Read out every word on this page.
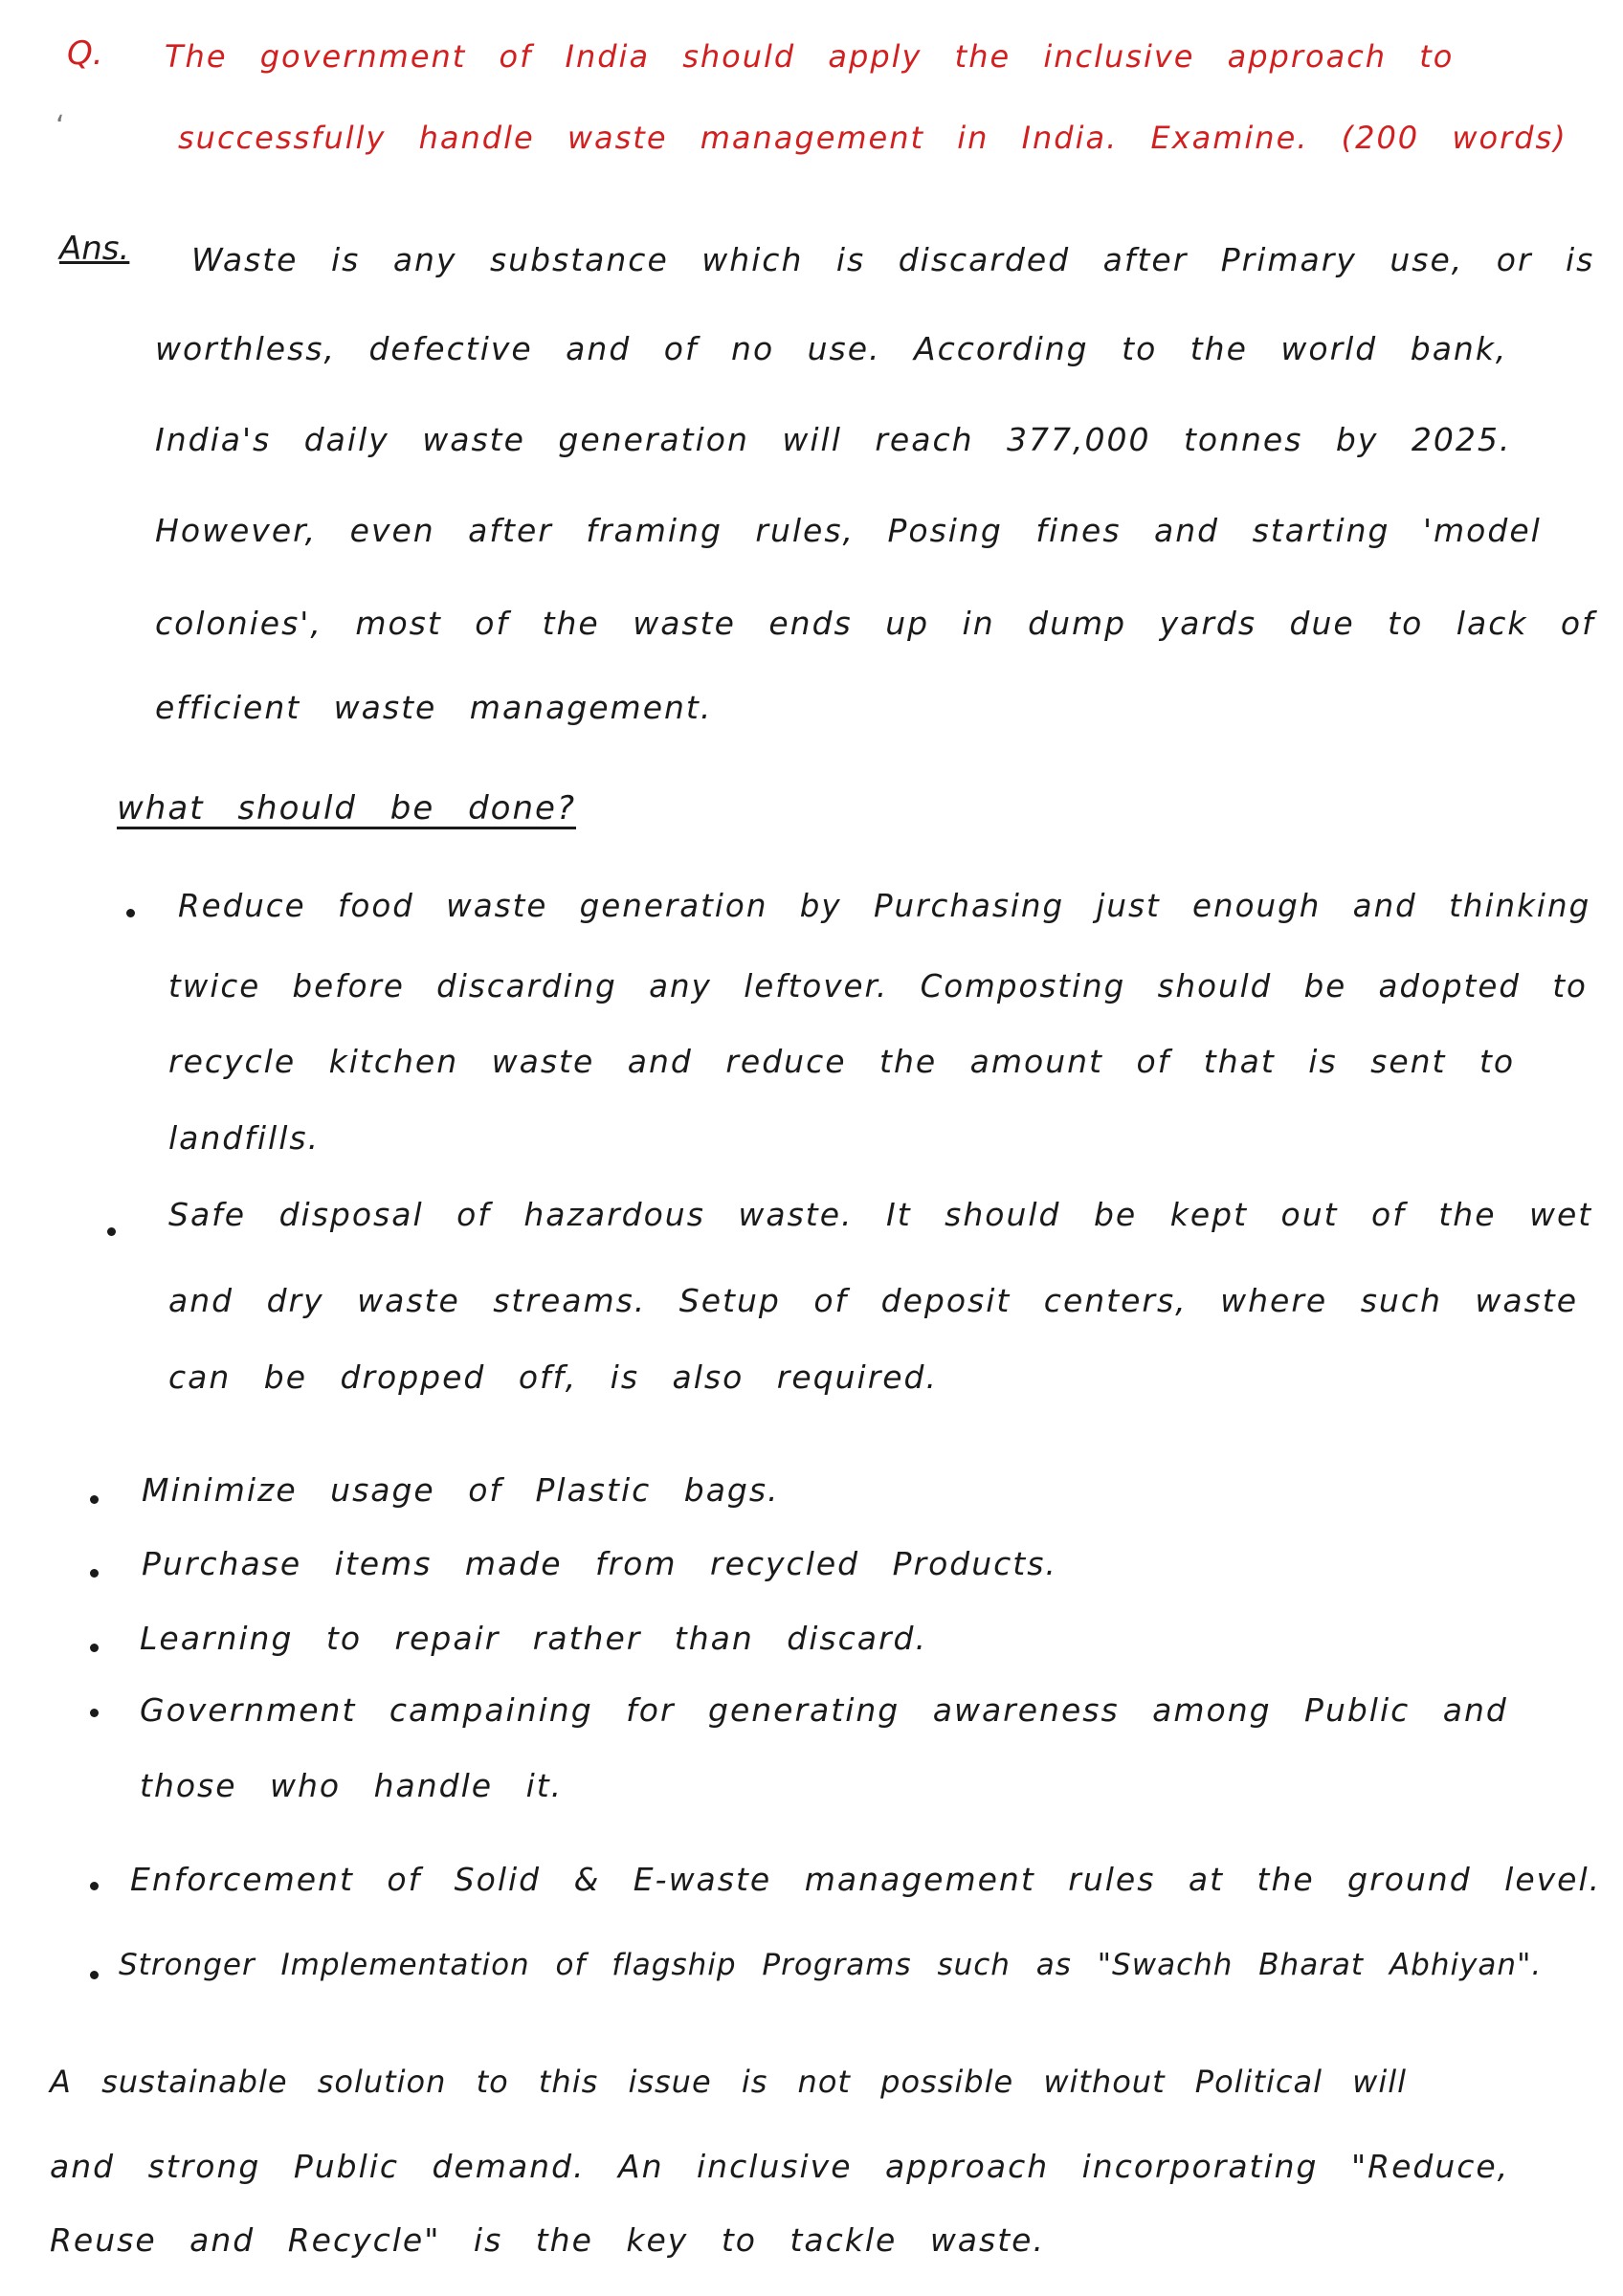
Q.
ʻ
The government of India should apply the inclusive approach to
successfully handle waste management in India. Examine. (200 words)
Ans. Waste is any substance which is discarded after Primary use, or is
worthless, defective and of no use. According to the world bank,
India's daily waste generation will reach 377,000 tonnes by 2025.
However, even after framing rules, Posing fines and starting 'model
colonies', most of the waste ends up in dump yards due to lack of
efficient waste management.
what should be done?
Reduce food waste generation by Purchasing just enough and thinking
twice before discarding any leftover. Composting should be adopted to
recycle kitchen waste and reduce the amount of that is sent to
landfills.
Safe disposal of hazardous waste. It should be kept out of the wet
and dry waste streams. Setup of deposit centers, where such waste
can be dropped off, is also required.
Minimize usage of Plastic bags.
Purchase items made from recycled Products.
Learning to repair rather than discard.
Government campaining for generating awareness among Public and
those who handle it.
Enforcement of Solid & E-waste management rules at the ground level.
Stronger Implementation of flagship Programs such as "Swachh Bharat Abhiyan".
A sustainable solution to this issue is not possible without Political will
and strong Public demand. An inclusive approach incorporating "Reduce,
Reuse and Recycle" is the key to tackle waste.
